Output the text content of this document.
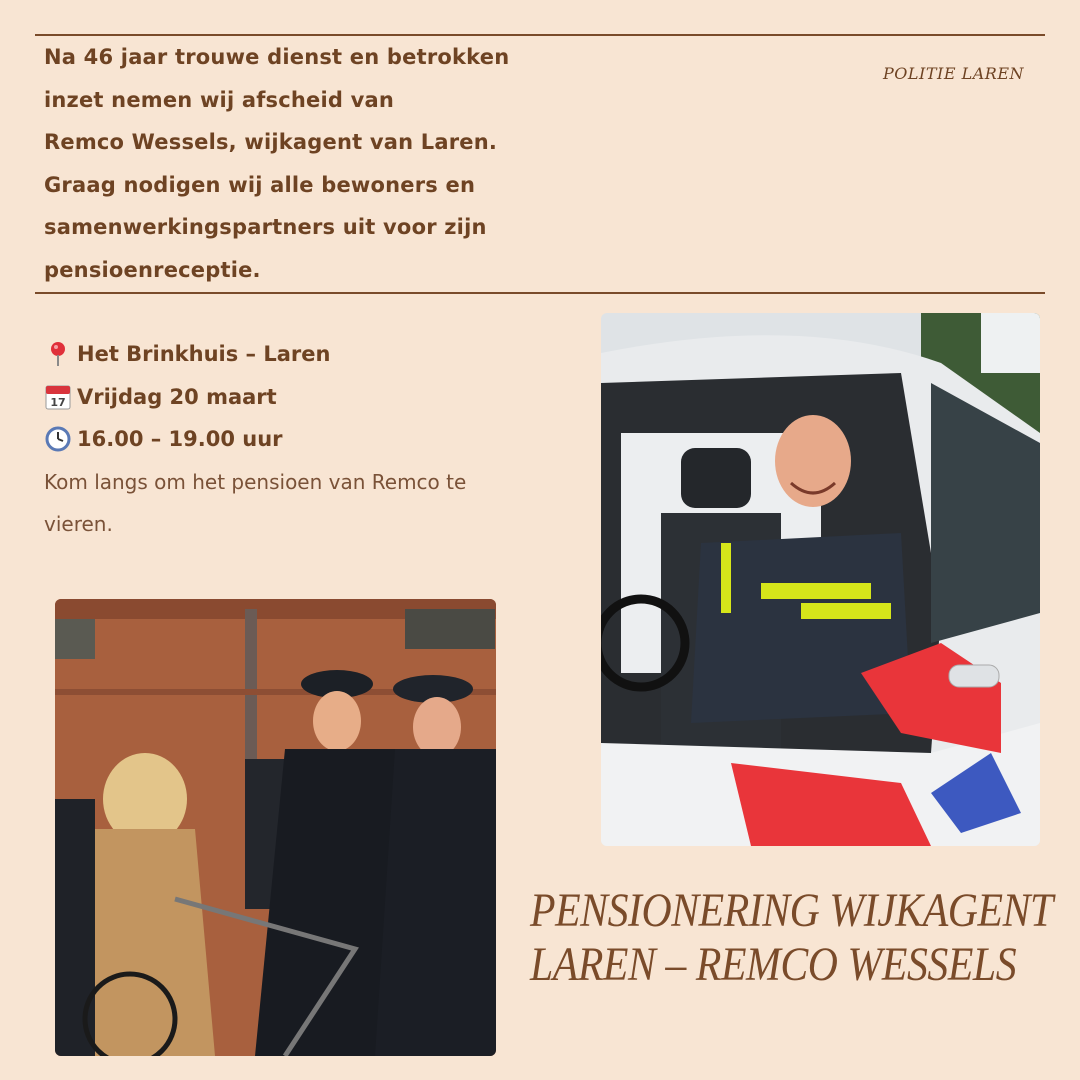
Na 46 jaar trouwe dienst en betrokken
inzet nemen wij afscheid van
Remco Wessels, wijkagent van Laren.
Graag nodigen wij alle bewoners en
samenwerkingspartners uit voor zijn
pensioenreceptie.
POLITIE LAREN
Het Brinkhuis – Laren
17 Vrijdag 20 maart
16.00 – 19.00 uur
Kom langs om het pensioen van Remco te
vieren.
PENSIONERING WIJKAGENT
LAREN – REMCO WESSELS
